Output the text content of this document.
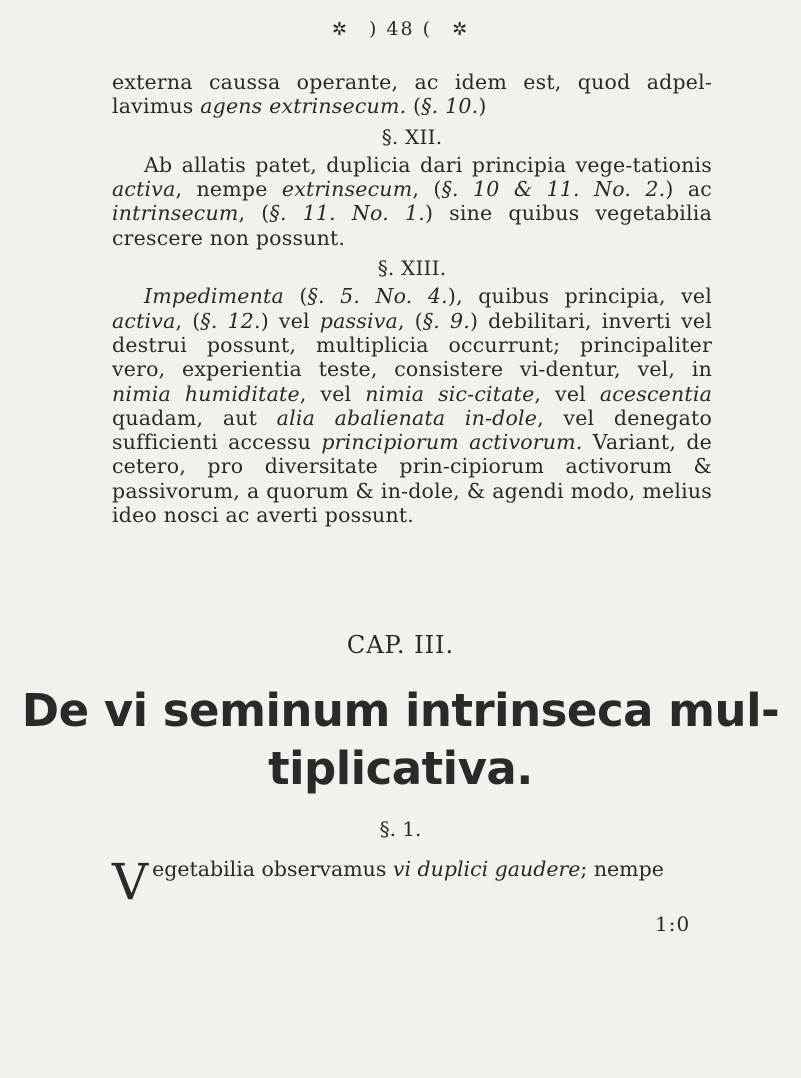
✲ ) 48 ( ✲

externa caussa operante, ac idem est, quod adpel-lavimus agens extrinsecum. (§. 10.)

§. XII.

Ab allatis patet, duplicia dari principia vege-tationis activa, nempe extrinsecum, (§. 10 & 11. No. 2.) ac intrinsecum, (§. 11. No. 1.) sine quibus vegetabilia crescere non possunt.

§. XIII.

Impedimenta (§. 5. No. 4.), quibus principia, vel activa, (§. 12.) vel passiva, (§. 9.) debilitari, inverti vel destrui possunt, multiplicia occurrunt; principaliter vero, experientia teste, consistere vi-dentur, vel, in nimia humiditate, vel nimia sic-citate, vel acescentia quadam, aut alia abalienata in-dole, vel denegato sufficienti accessu principiorum activorum. Variant, de cetero, pro diversitate prin-cipiorum activorum & passivorum, a quorum & in-dole, & agendi modo, melius ideo nosci ac averti possunt.

CAP. III.
De vi seminum intrinseca mul-
tiplicativa.
§. 1.
V egetabilia observamus vi duplici gaudere; nempe
1:0
